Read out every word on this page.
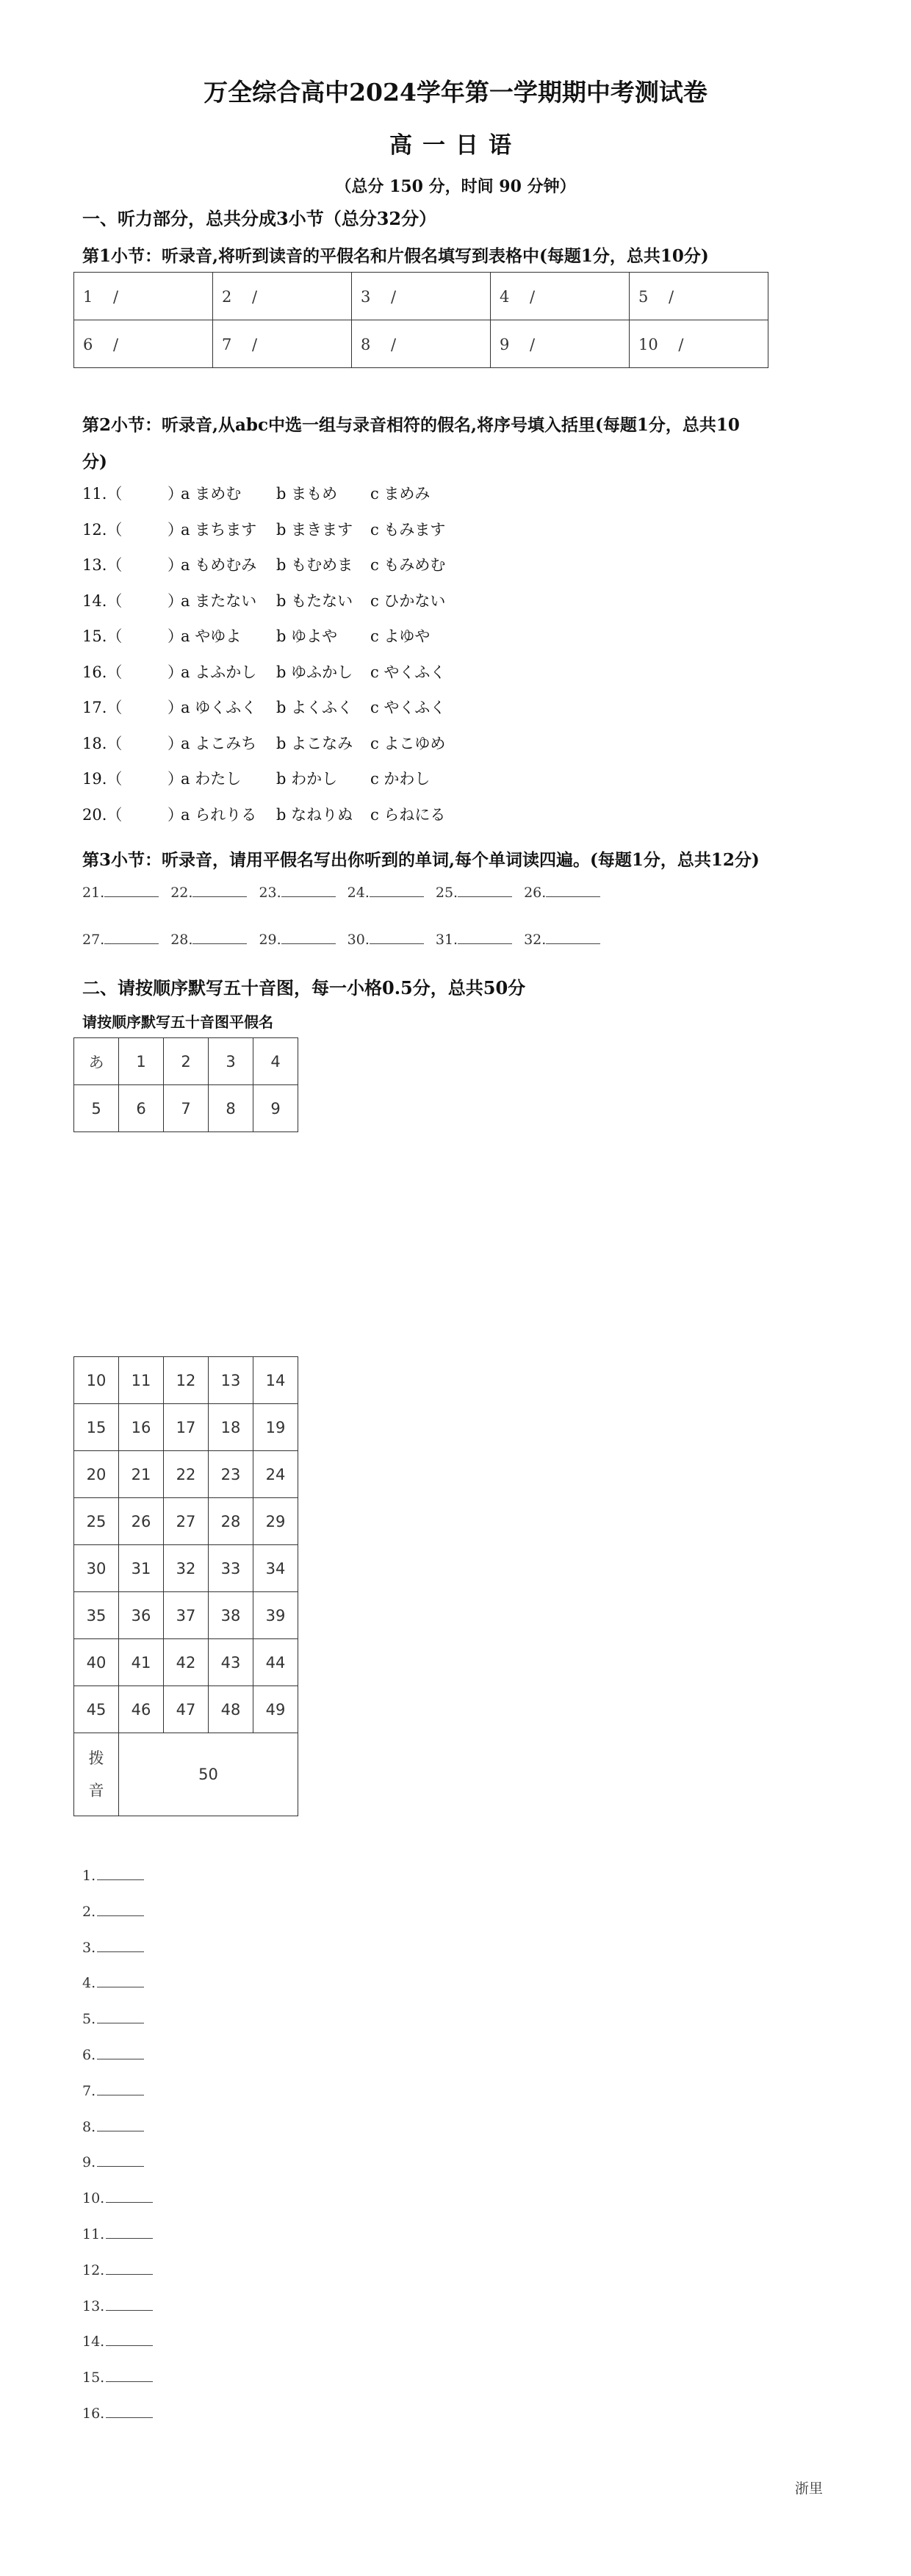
万全综合高中2024学年第一学期期中考测试卷
高一日语
（总分 150 分，时间 90 分钟）
一、听力部分，总共分成3小节（总分32分）
第1小节：听录音,将听到读音的平假名和片假名填写到表格中(每题1分，总共10分)
1　 /	2　 /	3　 /	4　 /	5　 /
6　 /	7　 /	8　 /	9　 /	10　 /
第2小节：听录音,从abc中选一组与录音相符的假名,将序号填入括里(每题1分，总共10
分)
11.（	）
a まめむ b まもめ c まめみ
12.（	）
a まちます b まきます c もみます
13.（	）
a もめむみ b もむめま c もみめむ
14.（	）
a またない b もたない c ひかない
15.（	）
a やゆよ b ゆよや c よゆや
16.（	）
a よふかし b ゆふかし c やくふく
17.（	）
a ゆくふく b よくふく c やくふく
18.（	）
a よこみち b よこなみ c よこゆめ
19.（	）
a わたし b わかし c かわし
20.（	）
a られりる b なねりぬ c らねにる
第3小节：听录音，请用平假名写出你听到的单词,每个单词读四遍。(每题1分，总共12分)
21.	22.	23.	24.	25.	26.
27.	28.	29.	30.	31.	32.
二、请按顺序默写五十音图，每一小格0.5分，总共50分
请按顺序默写五十音图平假名
あ	1	2	3	4
5	6	7	8	9
10	11	12	13	14
15	16	17	18	19
20	21	22	23	24
25	26	27	28	29
30	31	32	33	34
35	36	37	38	39
40	41	42	43	44
45	46	47	48	49

拨
音	50			
1.
2.
3.
4.
5.
6.
7.
8.
9.
10.
11.
12.
13.
14.
15.
16.
浙里
